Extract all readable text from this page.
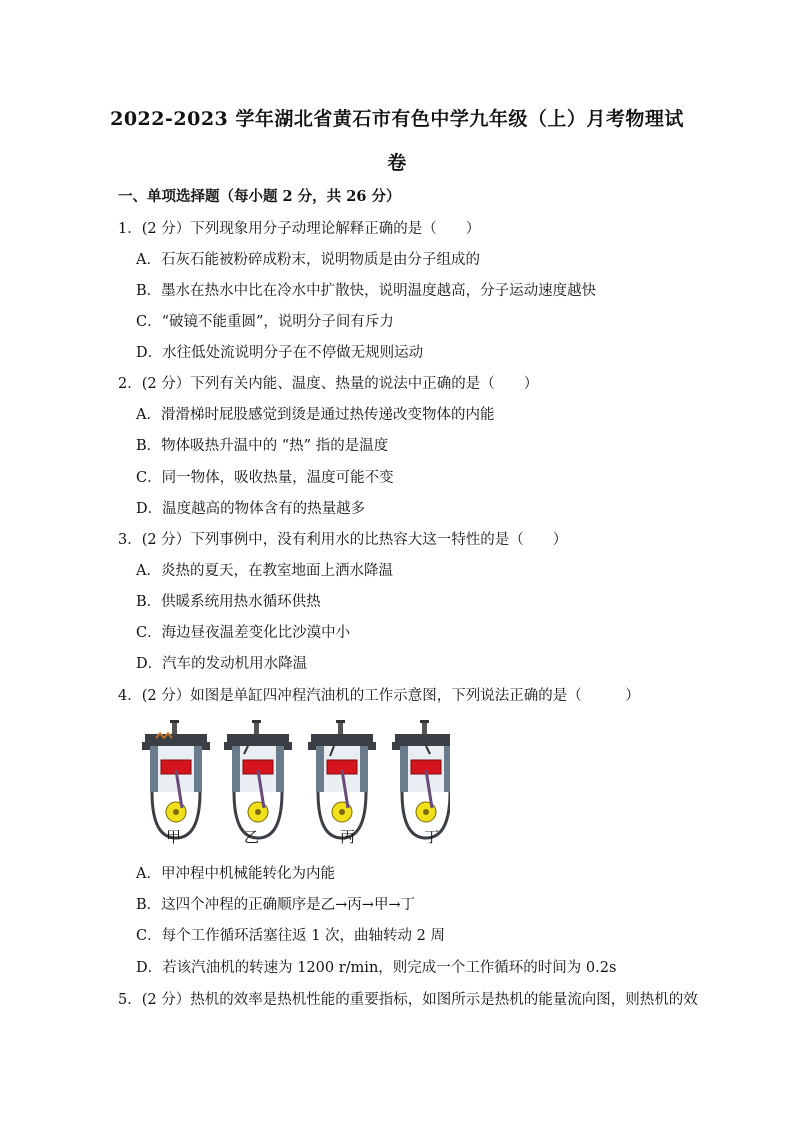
2022-2023 学年湖北省黄石市有色中学九年级（上）月考物理试
卷
一、单项选择题（每小题 2 分，共 26 分）
1．(2 分）下列现象用分子动理论解释正确的是（　　）
A．石灰石能被粉碎成粉末，说明物质是由分子组成的
B．墨水在热水中比在冷水中扩散快，说明温度越高，分子运动速度越快
C．“破镜不能重圆”，说明分子间有斥力
D．水往低处流说明分子在不停做无规则运动
2．(2 分）下列有关内能、温度、热量的说法中正确的是（　　）
A．滑滑梯时屁股感觉到烫是通过热传递改变物体的内能
B．物体吸热升温中的 “热” 指的是温度
C．同一物体，吸收热量，温度可能不变
D．温度越高的物体含有的热量越多
3．(2 分）下列事例中，没有利用水的比热容大这一特性的是（　　）
A．炎热的夏天，在教室地面上洒水降温
B．供暖系统用热水循环供热
C．海边昼夜温差变化比沙漠中小
D．汽车的发动机用水降温
4．(2 分）如图是单缸四冲程汽油机的工作示意图，下列说法正确的是（　　　）
甲	乙	丙	丁
A．甲冲程中机械能转化为内能
B．这四个冲程的正确顺序是乙→丙→甲→丁
C．每个工作循环活塞往返 1 次，曲轴转动 2 周
D．若该汽油机的转速为 1200 r/min，则完成一个工作循环的时间为 0.2s
5．(2 分）热机的效率是热机性能的重要指标，如图所示是热机的能量流向图，则热机的效
